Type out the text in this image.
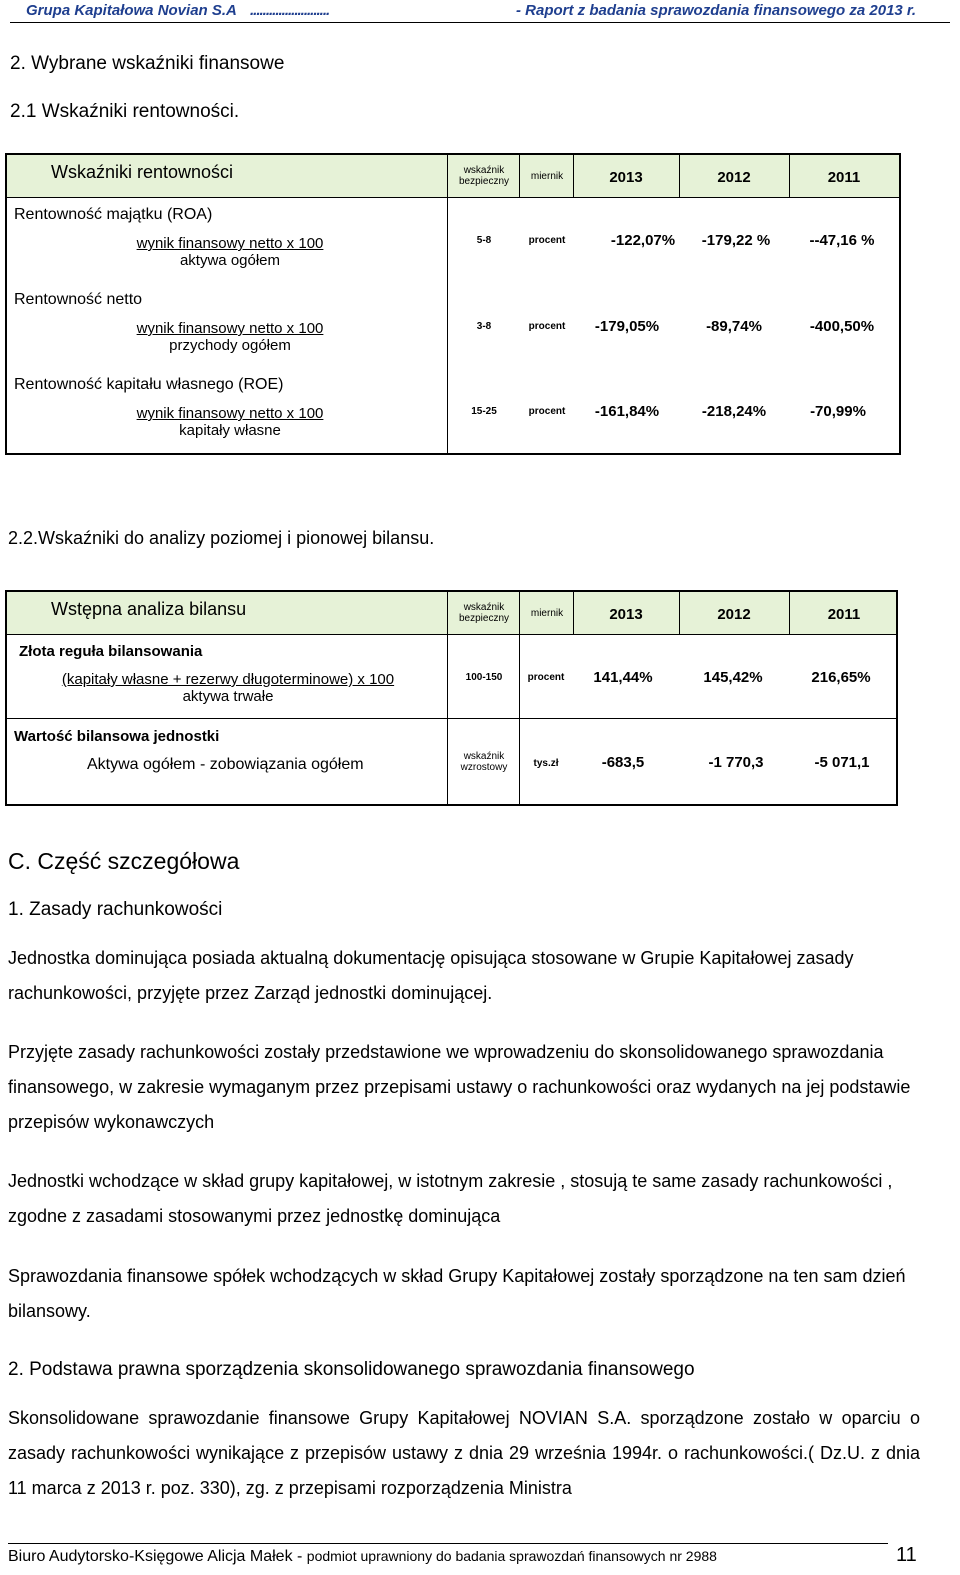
Grupa Kapitałowa Novian S.A .........................	- Raport z badania sprawozdania finansowego za 2013 r.
2. Wybrane wskaźniki finansowe
2.1 Wskaźniki rentowności.
Wskaźniki rentowności	wskaźnik bezpieczny	miernik	2013	2012	2011
Rentowność majątku (ROA)
wynik finansowy netto x 100
aktywa ogółem
5-8	procent	-122,07%	-179,22 %	--47,16 %
Rentowność netto
wynik finansowy netto x 100
przychody ogółem
3-8	procent	-179,05%	-89,74%	-400,50%
Rentowność kapitału własnego (ROE)
wynik finansowy netto x 100
kapitały własne
15-25	procent	-161,84%	-218,24%	-70,99%
2.2.Wskaźniki do analizy poziomej i pionowej bilansu.
Wstępna analiza bilansu	wskaźnik bezpieczny	miernik	2013	2012	2011
Złota reguła bilansowania
(kapitały własne + rezerwy długoterminowe) x 100
aktywa trwałe
100-150	procent	141,44%	145,42%	216,65%
Wartość bilansowa jednostki
Aktywa ogółem - zobowiązania ogółem	wskaźnik wzrostowy	tys.zł	-683,5	-1 770,3	-5 071,1
C. Część szczegółowa
1. Zasady rachunkowości

Jednostka dominująca posiada aktualną dokumentację opisująca stosowane w Grupie Kapitałowej zasady rachunkowości, przyjęte przez Zarząd jednostki dominującej.

Przyjęte zasady rachunkowości zostały przedstawione we wprowadzeniu do skonsolidowanego sprawozdania finansowego, w zakresie wymaganym przez przepisami ustawy o rachunkowości oraz wydanych na jej podstawie przepisów wykonawczych

Jednostki wchodzące w skład grupy kapitałowej, w istotnym zakresie , stosują te same zasady rachunkowości , zgodne z zasadami stosowanymi przez jednostkę dominująca

Sprawozdania finansowe spółek wchodzących w skład Grupy Kapitałowej zostały sporządzone na ten sam dzień bilansowy.

2. Podstawa prawna sporządzenia skonsolidowanego sprawozdania finansowego

Skonsolidowane sprawozdanie finansowe Grupy Kapitałowej NOVIAN S.A. sporządzone zostało w oparciu o zasady rachunkowości wynikające z przepisów ustawy z dnia 29 września 1994r. o rachunkowości.( Dz.U. z dnia 11 marca z 2013 r. poz. 330), zg. z przepisami rozporządzenia Ministra

Biuro Audytorsko-Księgowe Alicja Małek - podmiot uprawniony do badania sprawozdań finansowych nr 2988	11
